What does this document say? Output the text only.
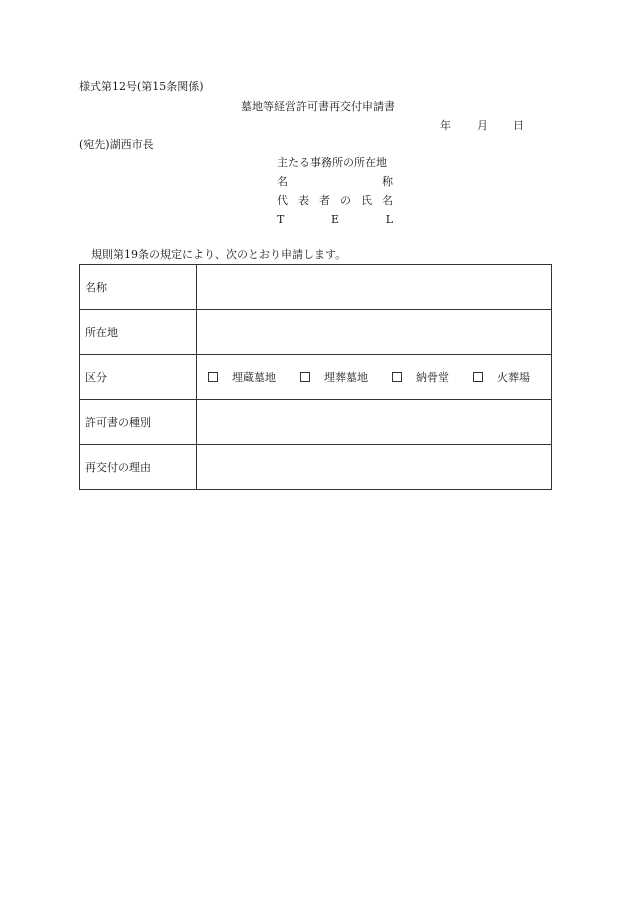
様式第12号(第15条関係)
墓地等経営許可書再交付申請書
年	月	日
(宛先)湖西市長
主たる事務所の所在地
名	称
代 表 者 の 氏 名
T	E	L
規則第19条の規定により、次のとおり申請します。
名称	
所在地	
区分	埋蔵墓地 埋葬墓地 納骨堂 火葬場

許可書の種別	
再交付の理由	
